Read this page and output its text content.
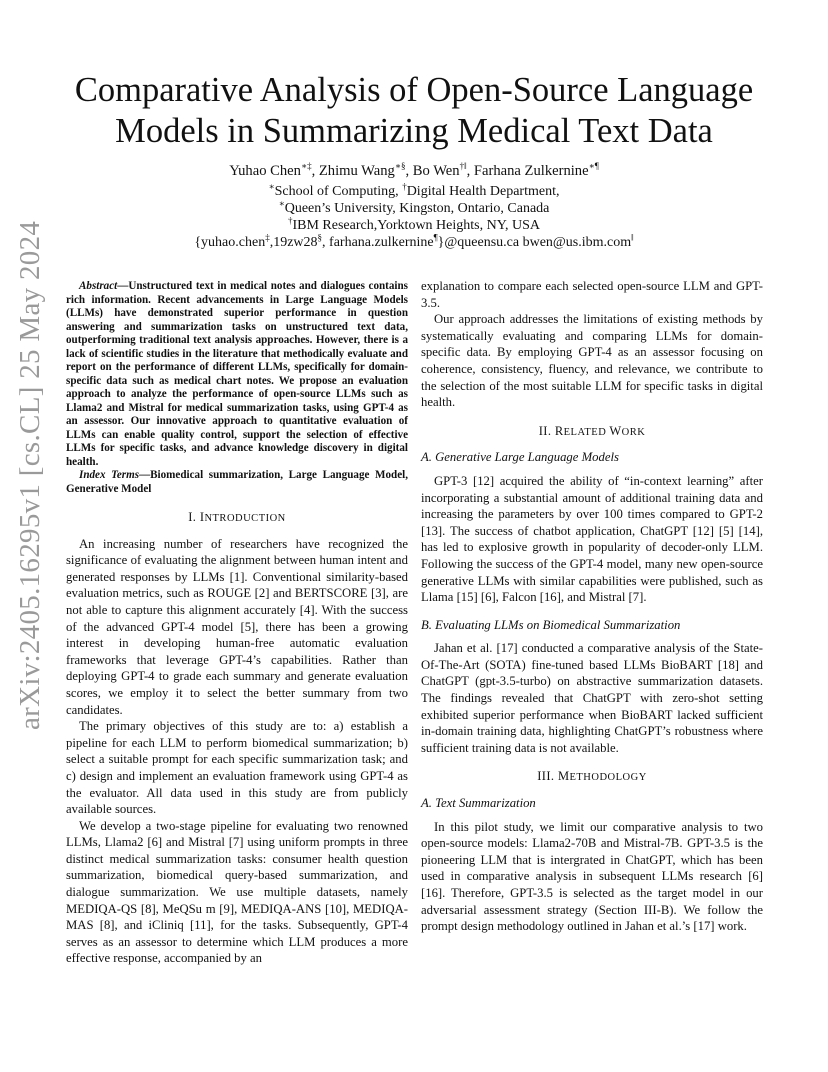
arXiv:2405.16295v1 [cs.CL] 25 May 2024
Comparative Analysis of Open-Source Language
Models in Summarizing Medical Text Data
Yuhao Chen∗‡, Zhimu Wang∗§, Bo Wen†‖, Farhana Zulkernine∗¶
∗School of Computing, †Digital Health Department,
∗Queen’s University, Kingston, Ontario, Canada
†IBM Research,Yorktown Heights, NY, USA
{yuhao.chen‡,19zw28§, farhana.zulkernine¶}@queensu.ca bwen@us.ibm.com‖
Abstract—Unstructured text in medical notes and dialogues contains rich information. Recent advancements in Large Language Models (LLMs) have demonstrated superior performance in question answering and summarization tasks on unstructured text data, outperforming traditional text analysis approaches. However, there is a lack of scientific studies in the literature that methodically evaluate and report on the performance of different LLMs, specifically for domain-specific data such as medical chart notes. We propose an evaluation approach to analyze the performance of open-source LLMs such as Llama2 and Mistral for medical summarization tasks, using GPT-4 as an assessor. Our innovative approach to quantitative evaluation of LLMs can enable quality control, support the selection of effective LLMs for specific tasks, and advance knowledge discovery in digital health.
Index Terms—Biomedical summarization, Large Language Model, Generative Model
I. INTRODUCTION

An increasing number of researchers have recognized the significance of evaluating the alignment between human intent and generated responses by LLMs [1]. Conventional similarity-based evaluation metrics, such as ROUGE [2] and BERTSCORE [3], are not able to capture this alignment accurately [4]. With the success of the advanced GPT-4 model [5], there has been a growing interest in developing human-free automatic evaluation frameworks that leverage GPT-4’s capabilities. Rather than deploying GPT-4 to grade each summary and generate evaluation scores, we employ it to select the better summary from two candidates.

The primary objectives of this study are to: a) establish a pipeline for each LLM to perform biomedical summarization; b) select a suitable prompt for each specific summarization task; and c) design and implement an evaluation framework using GPT-4 as the evaluator. All data used in this study are from publicly available sources.

We develop a two-stage pipeline for evaluating two renowned LLMs, Llama2 [6] and Mistral [7] using uniform prompts in three distinct medical summarization tasks: consumer health question summarization, biomedical query-based summarization, and dialogue summarization. We use multiple datasets, namely MEDIQA-QS [8], MeQSu m [9], MEDIQA-ANS [10], MEDIQA-MAS [8], and iCliniq [11], for the tasks. Subsequently, GPT-4 serves as an assessor to determine which LLM produces a more effective response, accompanied by an

explanation to compare each selected open-source LLM and GPT-3.5.

Our approach addresses the limitations of existing methods by systematically evaluating and comparing LLMs for domain-specific data. By employing GPT-4 as an assessor focusing on coherence, consistency, fluency, and relevance, we contribute to the selection of the most suitable LLM for specific tasks in digital health.

II. RELATED WORK
A. Generative Large Language Models

GPT-3 [12] acquired the ability of “in-context learning” after incorporating a substantial amount of additional training data and increasing the parameters by over 100 times compared to GPT-2 [13]. The success of chatbot application, ChatGPT [12] [5] [14], has led to explosive growth in popularity of decoder-only LLM. Following the success of the GPT-4 model, many new open-source generative LLMs with similar capabilities were published, such as Llama [15] [6], Falcon [16], and Mistral [7].

B. Evaluating LLMs on Biomedical Summarization

Jahan et al. [17] conducted a comparative analysis of the State-Of-The-Art (SOTA) fine-tuned based LLMs BioBART [18] and ChatGPT (gpt-3.5-turbo) on abstractive summarization datasets. The findings revealed that ChatGPT with zero-shot setting exhibited superior performance when BioBART lacked sufficient in-domain training data, highlighting ChatGPT’s robustness where sufficient training data is not available.

III. METHODOLOGY
A. Text Summarization

In this pilot study, we limit our comparative analysis to two open-source models: Llama2-70B and Mistral-7B. GPT-3.5 is the pioneering LLM that is intergrated in ChatGPT, which has been used in comparative analysis in subsequent LLMs research [6] [16]. Therefore, GPT-3.5 is selected as the target model in our adversarial assessment strategy (Section III-B). We follow the prompt design methodology outlined in Jahan et al.’s [17] work.
